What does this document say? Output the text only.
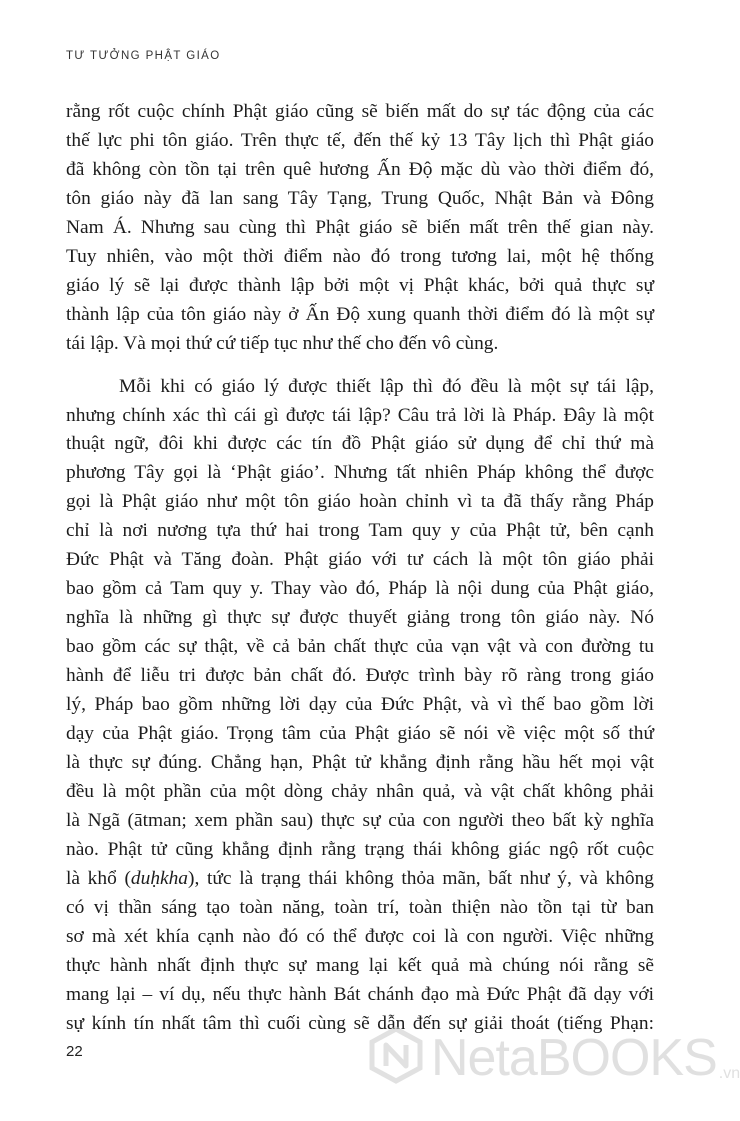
TƯ TƯỞNG PHẬT GIÁO
rằng rốt cuộc chính Phật giáo cũng sẽ biến mất do sự tác động của các
thế lực phi tôn giáo. Trên thực tế, đến thế kỷ 13 Tây lịch thì Phật giáo
đã không còn tồn tại trên quê hương Ấn Độ mặc dù vào thời điểm đó,
tôn giáo này đã lan sang Tây Tạng, Trung Quốc, Nhật Bản và Đông
Nam Á. Nhưng sau cùng thì Phật giáo sẽ biến mất trên thế gian này.
Tuy nhiên, vào một thời điểm nào đó trong tương lai, một hệ thống
giáo lý sẽ lại được thành lập bởi một vị Phật khác, bởi quả thực sự
thành lập của tôn giáo này ở Ấn Độ xung quanh thời điểm đó là một sự
tái lập. Và mọi thứ cứ tiếp tục như thế cho đến vô cùng.
Mỗi khi có giáo lý được thiết lập thì đó đều là một sự tái lập,
nhưng chính xác thì cái gì được tái lập? Câu trả lời là Pháp. Đây là một
thuật ngữ, đôi khi được các tín đồ Phật giáo sử dụng để chỉ thứ mà
phương Tây gọi là ‘Phật giáo’. Nhưng tất nhiên Pháp không thể được
gọi là Phật giáo như một tôn giáo hoàn chỉnh vì ta đã thấy rằng Pháp
chỉ là nơi nương tựa thứ hai trong Tam quy y của Phật tử, bên cạnh
Đức Phật và Tăng đoàn. Phật giáo với tư cách là một tôn giáo phải
bao gồm cả Tam quy y. Thay vào đó, Pháp là nội dung của Phật giáo,
nghĩa là những gì thực sự được thuyết giảng trong tôn giáo này. Nó
bao gồm các sự thật, về cả bản chất thực của vạn vật và con đường tu
hành để liễu tri được bản chất đó. Được trình bày rõ ràng trong giáo
lý, Pháp bao gồm những lời dạy của Đức Phật, và vì thế bao gồm lời
dạy của Phật giáo. Trọng tâm của Phật giáo sẽ nói về việc một số thứ
là thực sự đúng. Chẳng hạn, Phật tử khẳng định rằng hầu hết mọi vật
đều là một phần của một dòng chảy nhân quả, và vật chất không phải
là Ngã (ātman; xem phần sau) thực sự của con người theo bất kỳ nghĩa
nào. Phật tử cũng khẳng định rằng trạng thái không giác ngộ rốt cuộc
là khổ (duḥkha), tức là trạng thái không thỏa mãn, bất như ý, và không
có vị thần sáng tạo toàn năng, toàn trí, toàn thiện nào tồn tại từ ban
sơ mà xét khía cạnh nào đó có thể được coi là con người. Việc những
thực hành nhất định thực sự mang lại kết quả mà chúng nói rằng sẽ
mang lại – ví dụ, nếu thực hành Bát chánh đạo mà Đức Phật đã dạy với
sự kính tín nhất tâm thì cuối cùng sẽ dẫn đến sự giải thoát (tiếng Phạn:
22	NetaBOOKS .vn
